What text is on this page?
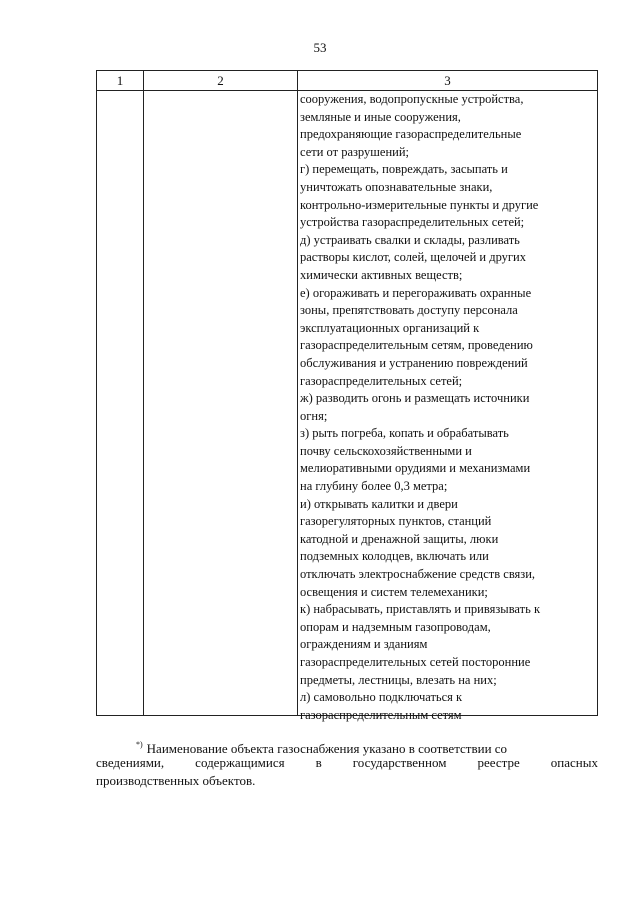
53
1	2	3
сооружения, водопропускные устройства,
земляные и иные сооружения,
предохраняющие газораспределительные
сети от разрушений;
г) перемещать, повреждать, засыпать и
уничтожать опознавательные знаки,
контрольно-измерительные пункты и другие
устройства газораспределительных сетей;
д) устраивать свалки и склады, разливать
растворы кислот, солей, щелочей и других
химически активных веществ;
е) огораживать и перегораживать охранные
зоны, препятствовать доступу персонала
эксплуатационных организаций к
газораспределительным сетям, проведению
обслуживания и устранению повреждений
газораспределительных сетей;
ж) разводить огонь и размещать источники
огня;
з) рыть погреба, копать и обрабатывать
почву сельскохозяйственными и
мелиоративными орудиями и механизмами
на глубину более 0,3 метра;
и) открывать калитки и двери
газорегуляторных пунктов, станций
катодной и дренажной защиты, люки
подземных колодцев, включать или
отключать электроснабжение средств связи,
освещения и систем телемеханики;
к) набрасывать, приставлять и привязывать к
опорам и надземным газопроводам,
ограждениям и зданиям
газораспределительных сетей посторонние
предметы, лестницы, влезать на них;
л) самовольно подключаться к
газораспределительным сетям
*) Наименование объекта газоснабжения указано в соответствии со
сведениями, содержащимися в государственном реестре опасных
производственных объектов.
